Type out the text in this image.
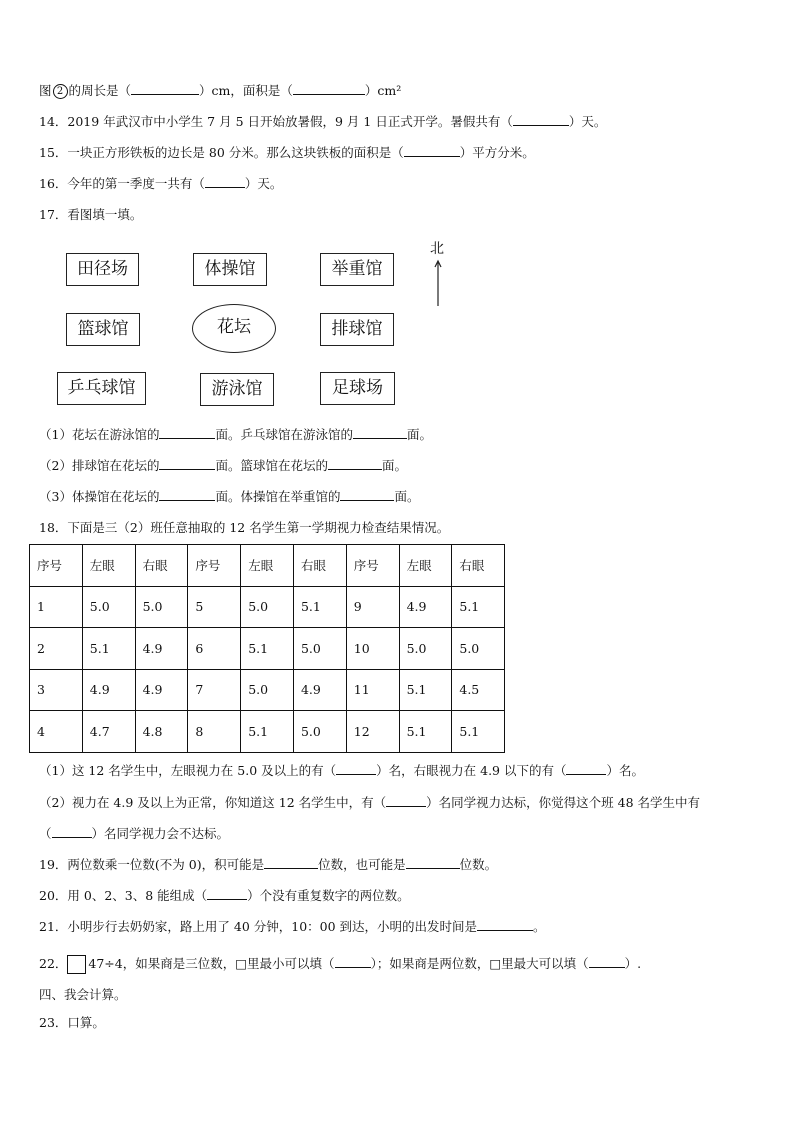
图 2 的周长是（	）cm，面积是（	）cm²
14．2019 年武汉市中小学生 7 月 5 日开始放暑假，9 月 1 日正式开学。暑假共有（	）天。
15．一块正方形铁板的边长是 80 分米。那么这块铁板的面积是（	）平方分米。
16．今年的第一季度一共有（	）天。
17．看图填一填。
田径场	体操馆	举重馆
篮球馆	花坛	排球馆
乒乓球馆	游泳馆	足球场
北
（1）花坛在游泳馆的	面。乒乓球馆在游泳馆的	面。
（2）排球馆在花坛的	面。篮球馆在花坛的	面。
（3）体操馆在花坛的	面。体操馆在举重馆的	面。
18．下面是三（2）班任意抽取的 12 名学生第一学期视力检查结果情况。
序号	左眼	右眼	序号	左眼	右眼	序号	左眼	右眼
1	5.0	5.0	5	5.0	5.1	9	4.9	5.1
2	5.1	4.9	6	5.1	5.0	10	5.0	5.0
3	4.9	4.9	7	5.0	4.9	11	5.1	4.5
4	4.7	4.8	8	5.1	5.0	12	5.1	5.1
（1）这 12 名学生中，左眼视力在 5.0 及以上的有（	）名，右眼视力在 4.9 以下的有（	）名。
（2）视力在 4.9 及以上为正常，你知道这 12 名学生中，有（	）名同学视力达标，你觉得这个班 48 名学生中有
（	）名同学视力会不达标。
19．两位数乘一位数(不为 0)，积可能是	位数，也可能是	位数。
20．用 0、2、3、8 能组成（	）个没有重复数字的两位数。
21．小明步行去奶奶家，路上用了 40 分钟，10：00 到达，小明的出发时间是	。
22． 47÷4，如果商是三位数，□里最小可以填（	）；如果商是两位数，□里最大可以填（	）.
四、我会计算。
23．口算。
